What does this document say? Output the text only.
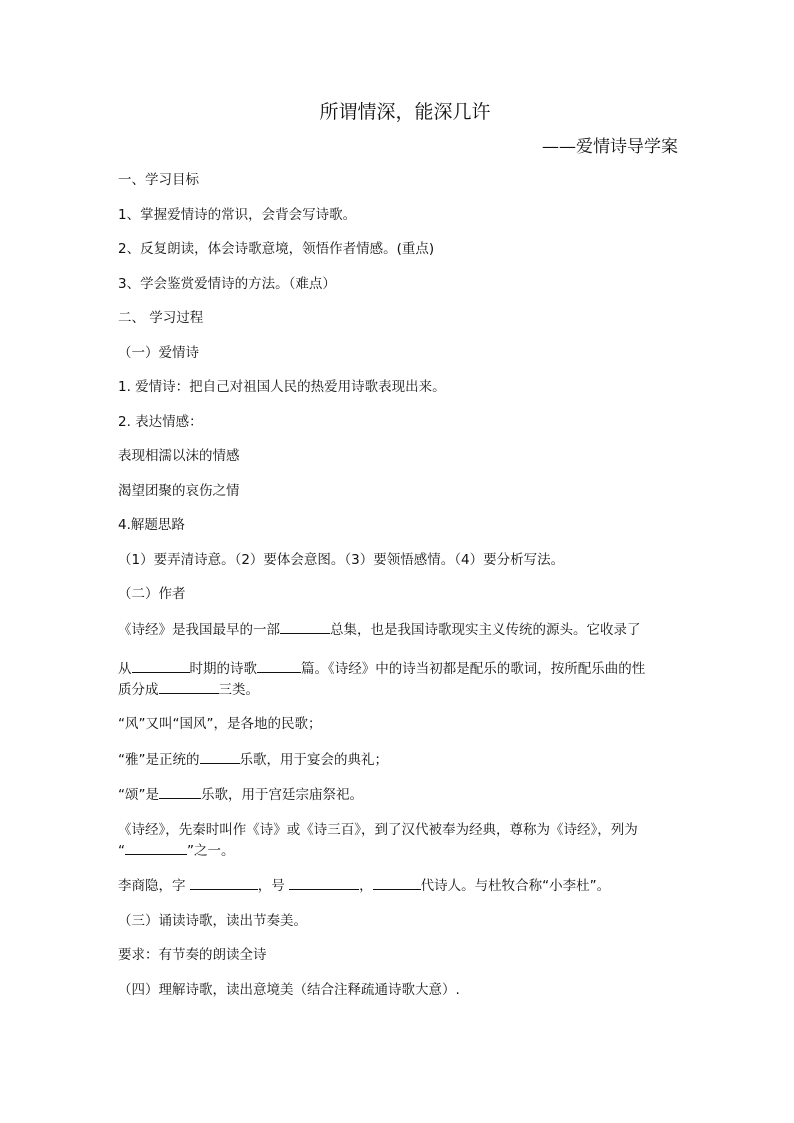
所谓情深，能深几许
——爱情诗导学案
一、学习目标
1、掌握爱情诗的常识，会背会写诗歌。
2、反复朗读，体会诗歌意境，领悟作者情感。(重点)
3、学会鉴赏爱情诗的方法。（难点）
二、 学习过程
（一）爱情诗
1. 爱情诗：把自己对祖国人民的热爱用诗歌表现出来。
2. 表达情感：
表现相濡以沫的情感
渴望团聚的哀伤之情
4.解题思路
（1）要弄清诗意。（2）要体会意图。（3）要领悟感情。（4）要分析写法。
（二）作者
《诗经》是我国最早的一部	总集，也是我国诗歌现实主义传统的源头。它收录了
从	时期的诗歌	篇。《诗经》中的诗当初都是配乐的歌词，按所配乐曲的性
质分成	三类。
“风”又叫“国风”，是各地的民歌；
“雅”是正统的	乐歌，用于宴会的典礼；
“颂”是	乐歌，用于宫廷宗庙祭祀。
《诗经》，先秦时叫作《诗》或《诗三百》，到了汉代被奉为经典，尊称为《诗经》，列为
“	”之一。
李商隐，字	，号	，	代诗人。与杜牧合称“小李杜”。
（三）诵读诗歌，读出节奏美。
要求：有节奏的朗读全诗
（四）理解诗歌，读出意境美（结合注释疏通诗歌大意）.
